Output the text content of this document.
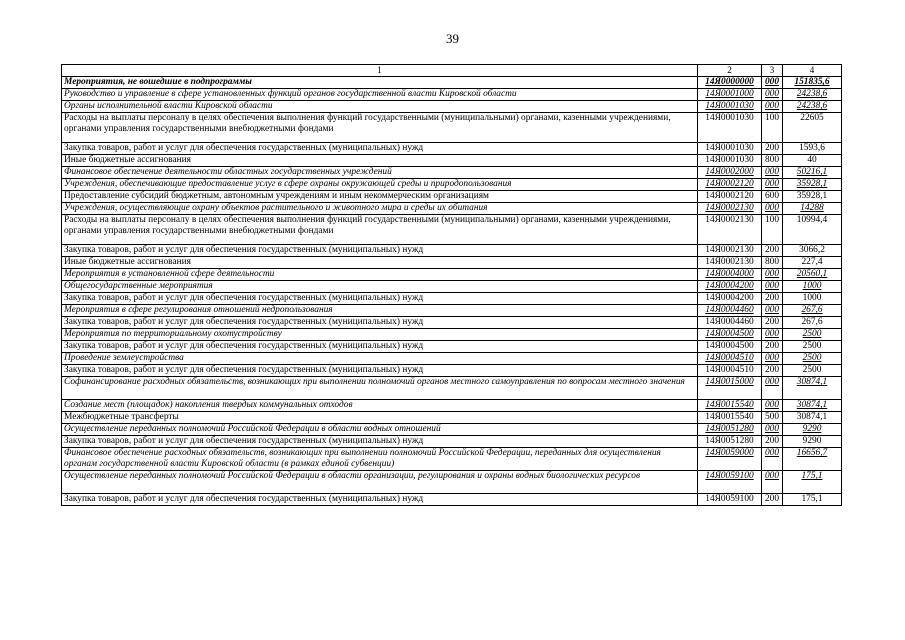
39
1	2	3	4
Мероприятия, не вошедшие в подпрограммы	14Я0000000	000	151835,6
Руководство и управление в сфере установленных функций органов государственной власти Кировской области	14Я0001000	000	24238,6
Органы исполнительной власти Кировской области	14Я0001030	000	24238,6
Расходы на выплаты персоналу в целях обеспечения выполнения функций государственными (муниципальными) органами, казенными учреждениями, органами управления государственными внебюджетными фондами	14Я0001030	100	22605
Закупка товаров, работ и услуг для обеспечения государственных (муниципальных) нужд	14Я0001030	200	1593,6
Иные бюджетные ассигнования	14Я0001030	800	40
Финансовое обеспечение деятельности областных государственных учреждений	14Я0002000	000	50216,1
Учреждения, обеспечивающие предоставление услуг в сфере охраны окружающей среды и природопользования	14Я0002120	000	35928,1
Предоставление субсидий бюджетным, автономным учреждениям и иным некоммерческим организациям	14Я0002120	600	35928,1
Учреждения, осуществляющие охрану объектов растительного и животного мира и среды их обитания	14Я0002130	000	14288
Расходы на выплаты персоналу в целях обеспечения выполнения функций государственными (муниципальными) органами, казенными учреждениями, органами управления государственными внебюджетными фондами	14Я0002130	100	10994,4
Закупка товаров, работ и услуг для обеспечения государственных (муниципальных) нужд	14Я0002130	200	3066,2
Иные бюджетные ассигнования	14Я0002130	800	227,4
Мероприятия в установленной сфере деятельности	14Я0004000	000	20560,1
Общегосударственные мероприятия	14Я0004200	000	1000
Закупка товаров, работ и услуг для обеспечения государственных (муниципальных) нужд	14Я0004200	200	1000
Мероприятия в сфере регулирования отношений недропользования	14Я0004460	000	267,6
Закупка товаров, работ и услуг для обеспечения государственных (муниципальных) нужд	14Я0004460	200	267,6
Мероприятия по территориальному охотустройству	14Я0004500	000	2500
Закупка товаров, работ и услуг для обеспечения государственных (муниципальных) нужд	14Я0004500	200	2500
Проведение землеустройства	14Я0004510	000	2500
Закупка товаров, работ и услуг для обеспечения государственных (муниципальных) нужд	14Я0004510	200	2500
Софинансирование расходных обязательств, возникающих при выполнении полномочий органов местного самоуправления по вопросам местного значения	14Я0015000	000	30874,1
Создание мест (площадок) накопления твердых коммунальных отходов	14Я0015540	000	30874,1
Межбюджетные трансферты	14Я0015540	500	30874,1
Осуществление переданных полномочий Российской Федерации в области водных отношений	14Я0051280	000	9290
Закупка товаров, работ и услуг для обеспечения государственных (муниципальных) нужд	14Я0051280	200	9290
Финансовое обеспечение расходных обязательств, возникающих при выполнении полномочий Российской Федерации, переданных для осуществления органам государственной власти Кировской области (в рамках единой субвенции)	14Я0059000	000	16656,7
Осуществление переданных полномочий Российской Федерации в области организации, регулирования и охраны водных биологических ресурсов	14Я0059100	000	175,1
Закупка товаров, работ и услуг для обеспечения государственных (муниципальных) нужд	14Я0059100	200	175,1
